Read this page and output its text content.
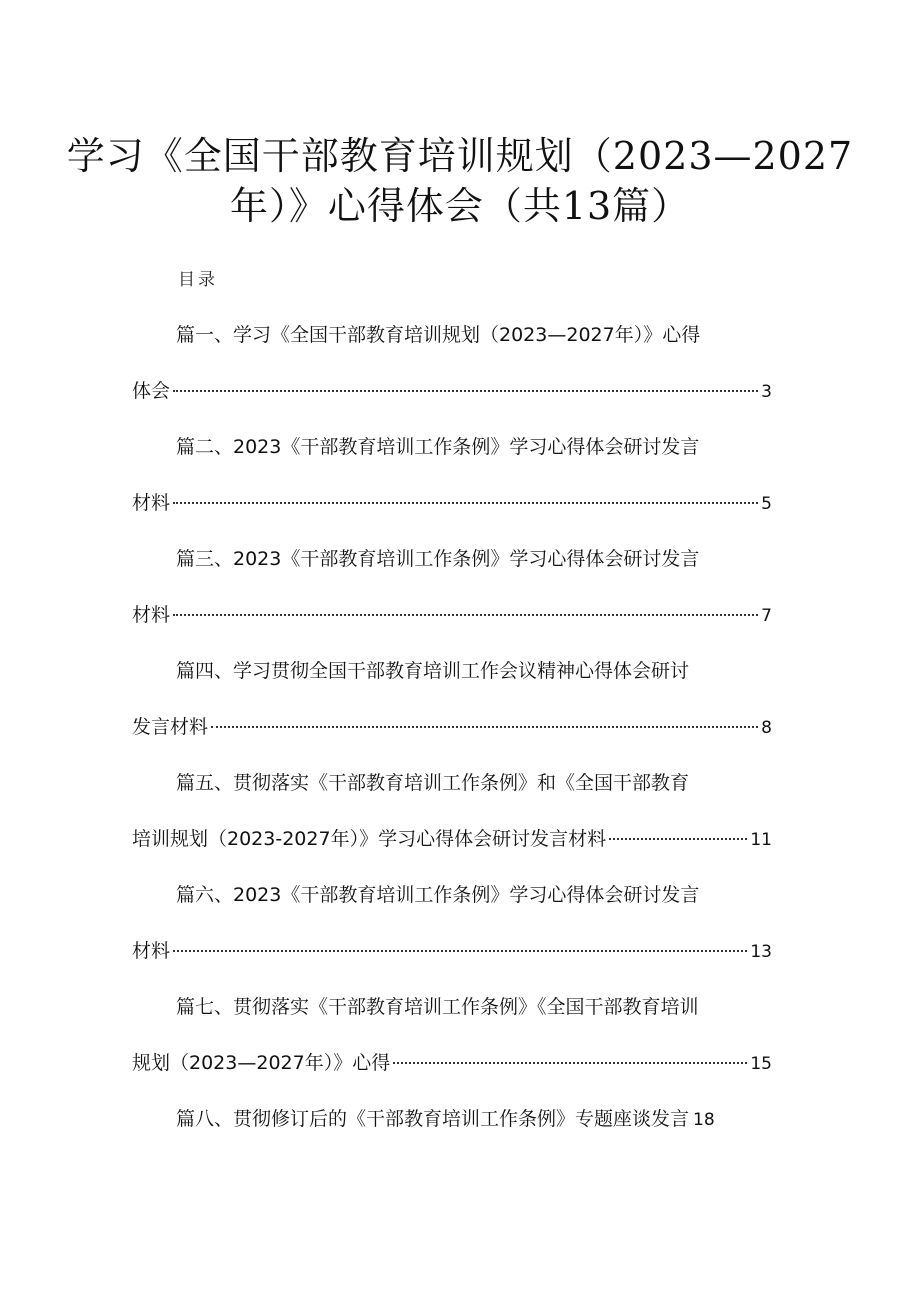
学习《全国干部教育培训规划（2023—2027
年）》心得体会（共13篇）
目录
篇一、学习《全国干部教育培训规划（2023—2027年）》心得
体会	3
篇二、2023《干部教育培训工作条例》学习心得体会研讨发言
材料	5
篇三、2023《干部教育培训工作条例》学习心得体会研讨发言
材料	7
篇四、学习贯彻全国干部教育培训工作会议精神心得体会研讨
发言材料	8
篇五、贯彻落实《干部教育培训工作条例》和《全国干部教育
培训规划（2023-2027年）》学习心得体会研讨发言材料	11
篇六、2023《干部教育培训工作条例》学习心得体会研讨发言
材料	13
篇七、贯彻落实《干部教育培训工作条例》《全国干部教育培训
规划（2023—2027年）》心得	15
篇八、贯彻修订后的《干部教育培训工作条例》专题座谈发言 18
